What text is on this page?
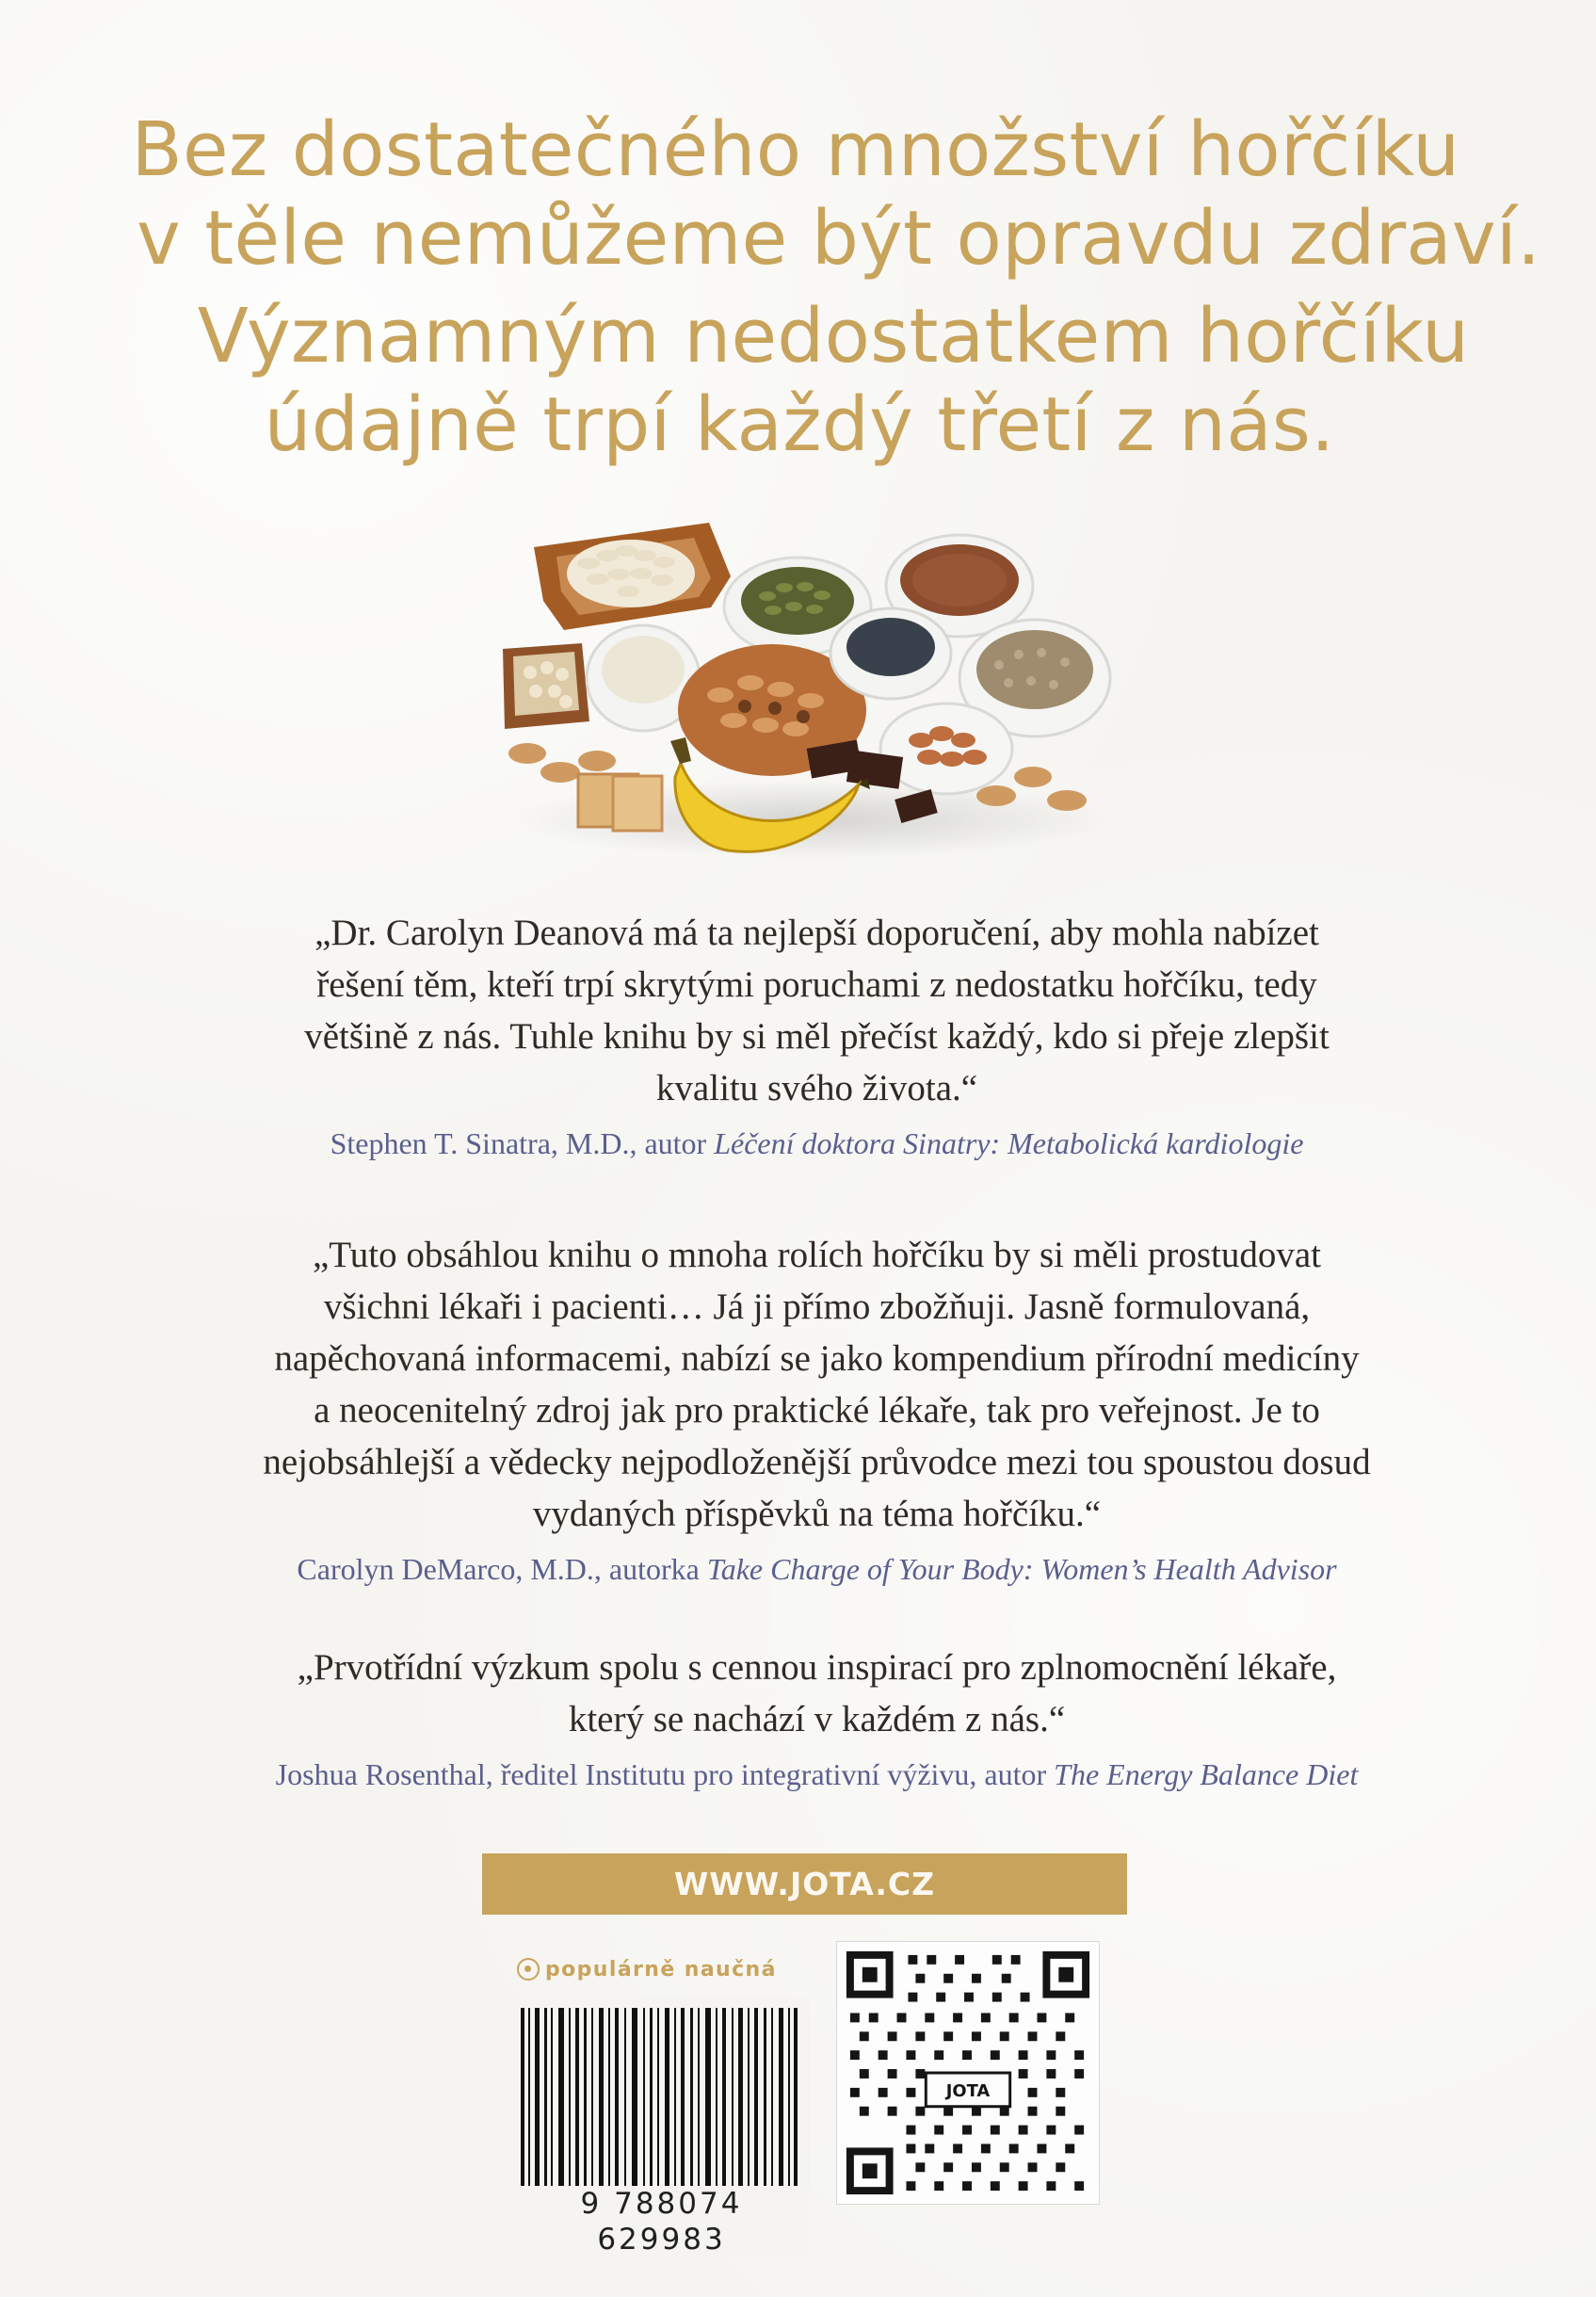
Bez dostatečného množství hořčíku
v těle nemůžeme být opravdu zdraví.
Významným nedostatkem hořčíku
údajně trpí každý třetí z nás.

„Dr. Carolyn Deanová má ta nejlepší doporučení, aby mohla nabízet
řešení těm, kteří trpí skrytými poruchami z nedostatku hořčíku, tedy
většině z nás. Tuhle knihu by si měl přečíst každý, kdo si přeje zlepšit
kvalitu svého života.“

Stephen T. Sinatra, M.D., autor Léčení doktora Sinatry: Metabolická kardiologie

„Tuto obsáhlou knihu o mnoha rolích hořčíku by si měli prostudovat
všichni lékaři i pacienti… Já ji přímo zbožňuji. Jasně formulovaná,
napěchovaná informacemi, nabízí se jako kompendium přírodní medicíny
a neocenitelný zdroj jak pro praktické lékaře, tak pro veřejnost. Je to
nejobsáhlejší a vědecky nejpodloženější průvodce mezi tou spoustou dosud
vydaných příspěvků na téma hořčíku.“

Carolyn DeMarco, M.D., autorka Take Charge of Your Body: Women’s Health Advisor

„Prvotřídní výzkum spolu s cennou inspirací pro zplnomocnění lékaře,
který se nachází v každém z nás.“

Joshua Rosenthal, ředitel Institutu pro integrativní výživu, autor The Energy Balance Diet
WWW.JOTA.CZ
populárně naučná
9 788074 629983
JOTA
